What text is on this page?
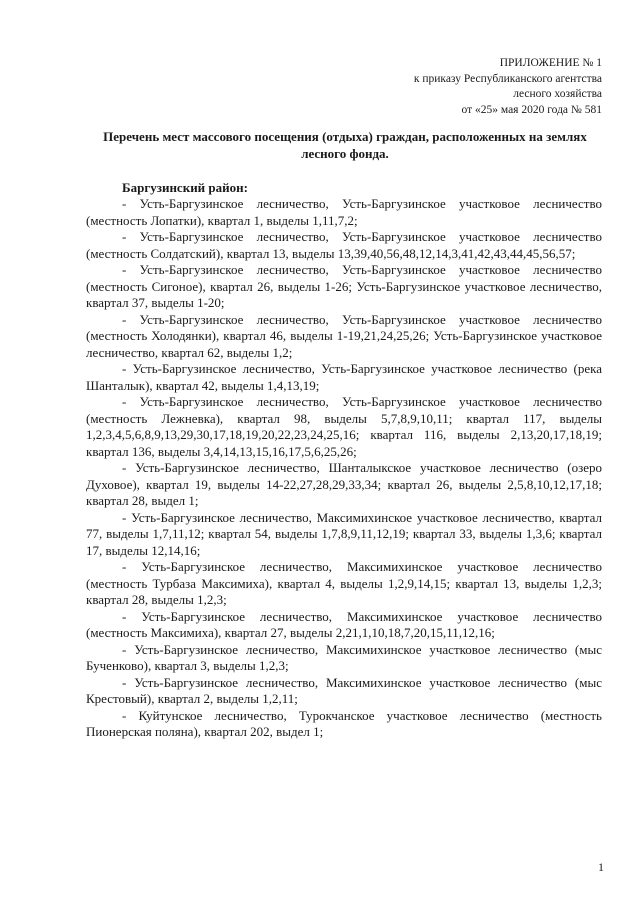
ПРИЛОЖЕНИЕ № 1
к приказу Республиканского агентства
лесного хозяйства
от «25» мая 2020 года № 581
Перечень мест массового посещения (отдыха) граждан, расположенных на землях лесного фонда.
Баргузинский район:

- Усть-Баргузинское лесничество, Усть-Баргузинское участковое лесничество (местность Лопатки), квартал 1, выделы 1,11,7,2;

- Усть-Баргузинское лесничество, Усть-Баргузинское участковое лесничество (местность Солдатский), квартал 13, выделы 13,39,40,56,48,12,14,3,41,42,43,44,45,56,57;

- Усть-Баргузинское лесничество, Усть-Баргузинское участковое лесничество (местность Сигоное), квартал 26, выделы 1-26; Усть-Баргузинское участковое лесничество, квартал 37, выделы 1-20;

- Усть-Баргузинское лесничество, Усть-Баргузинское участковое лесничество (местность Холодянки), квартал 46, выделы 1-19,21,24,25,26; Усть-Баргузинское участковое лесничество, квартал 62, выделы 1,2;

- Усть-Баргузинское лесничество, Усть-Баргузинское участковое лесничество (река Шанталык), квартал 42, выделы 1,4,13,19;

- Усть-Баргузинское лесничество, Усть-Баргузинское участковое лесничество (местность Лежневка), квартал 98, выделы 5,7,8,9,10,11; квартал 117, выделы 1,2,3,4,5,6,8,9,13,29,30,17,18,19,20,22,23,24,25,16; квартал 116, выделы 2,13,20,17,18,19; квартал 136, выделы 3,4,14,13,15,16,17,5,6,25,26;

- Усть-Баргузинское лесничество, Шанталыкское участковое лесничество (озеро Духовое), квартал 19, выделы 14-22,27,28,29,33,34; квартал 26, выделы 2,5,8,10,12,17,18; квартал 28, выдел 1;

- Усть-Баргузинское лесничество, Максимихинское участковое лесничество, квартал 77, выделы 1,7,11,12; квартал 54, выделы 1,7,8,9,11,12,19; квартал 33, выделы 1,3,6; квартал 17, выделы 12,14,16;

- Усть-Баргузинское лесничество, Максимихинское участковое лесничество (местность Турбаза Максимиха), квартал 4, выделы 1,2,9,14,15; квартал 13, выделы 1,2,3; квартал 28, выделы 1,2,3;

- Усть-Баргузинское лесничество, Максимихинское участковое лесничество (местность Максимиха), квартал 27, выделы 2,21,1,10,18,7,20,15,11,12,16;

- Усть-Баргузинское лесничество, Максимихинское участковое лесничество (мыс Бученково), квартал 3, выделы 1,2,3;

- Усть-Баргузинское лесничество, Максимихинское участковое лесничество (мыс Крестовый), квартал 2, выделы 1,2,11;

- Куйтунское лесничество, Турокчанское участковое лесничество (местность Пионерская поляна), квартал 202, выдел 1;

1
